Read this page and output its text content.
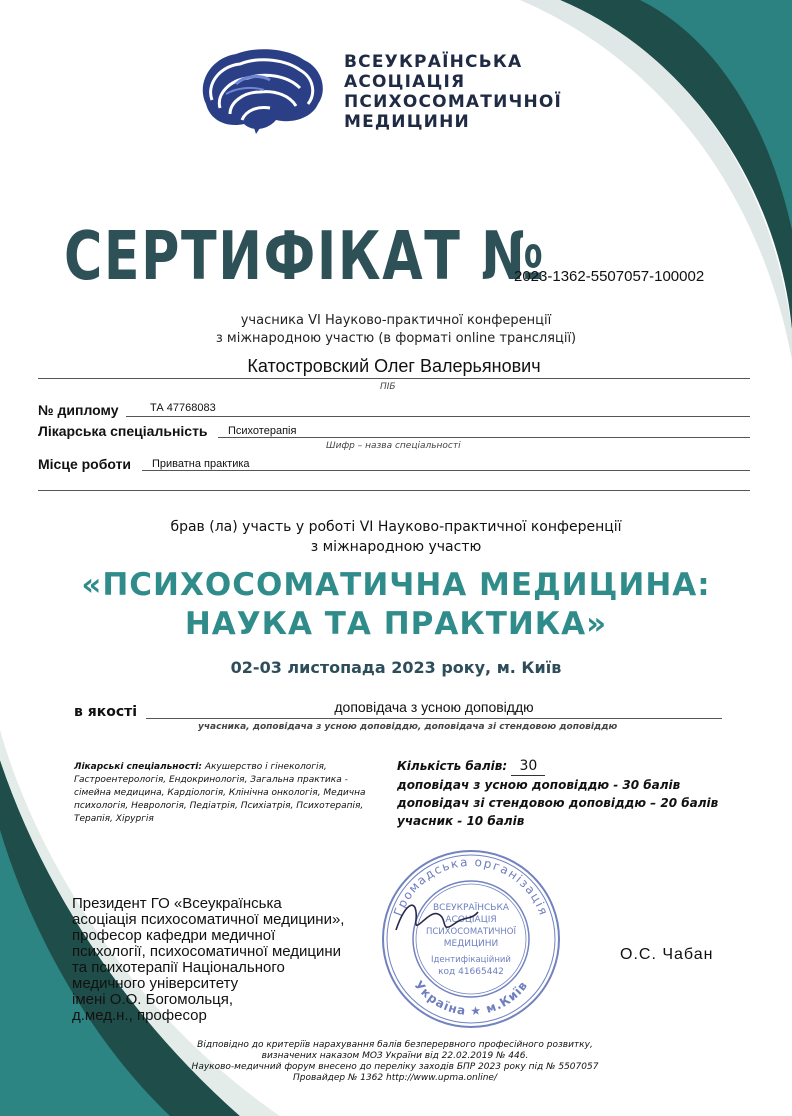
ВСЕУКРАЇНСЬКА
АСОЦІАЦІЯ
ПСИХОСОМАТИЧНОЇ
МЕДИЦИНИ
СЕРТИФІКАТ №
2023-1362-5507057-100002
учасника VI Науково-практичної конференції
з міжнародною участю (в форматі online трансляції)
Катостровский Олег Валерьянович
ПІБ
№ диплому	ТА 47768083
Лікарська спеціальність Психотерапія
Шифр – назва спеціальності
Місце роботи Приватна практика
брав (ла) участь у роботі VI Науково-практичної конференції
з міжнародною участю
«ПСИХОСОМАТИЧНА МЕДИЦИНА:
НАУКА ТА ПРАКТИКА»
02-03 листопада 2023 року, м. Київ
в якості	доповідача з усною доповіддю
учасника, доповідача з усною доповіддю, доповідача зі стендовою доповіддю
Лікарські спеціальності: Акушерство і гінекологія, Гастроентерологія, Ендокринологія, Загальна практика - сімейна медицина, Кардіологія, Клінічна онкологія, Медична психологія, Неврологія, Педіатрія, Психіатрія, Психотерапія, Терапія, Хірургія
Кількість балів: 30
доповідач з усною доповіддю - 30 балів
доповідач зі стендовою доповіддю – 20 балів
учасник - 10 балів
Громадська організація
Україна ★ м.Київ
ВСЕУКРАЇНСЬКА
АСОЦІАЦІЯ
ПСИХОСОМАТИЧНОЇ
МЕДИЦИНИ
Ідентифікаційний
код 41665442
Президент ГО «Всеукраїнська
асоціація психосоматичної медицини»,
професор кафедри медичної
психології, психосоматичної медицини
та психотерапії Національного
медичного університету
імені О.О. Богомольця,
д.мед.н., професор
О.С. Чабан
Відповідно до критеріїв нарахування балів безперервного професійного розвитку,
визначених наказом МОЗ України від 22.02.2019 № 446.
Науково-медичний форум внесено до переліку заходів БПР 2023 року під № 5507057
Провайдер № 1362 http://www.upma.online/
